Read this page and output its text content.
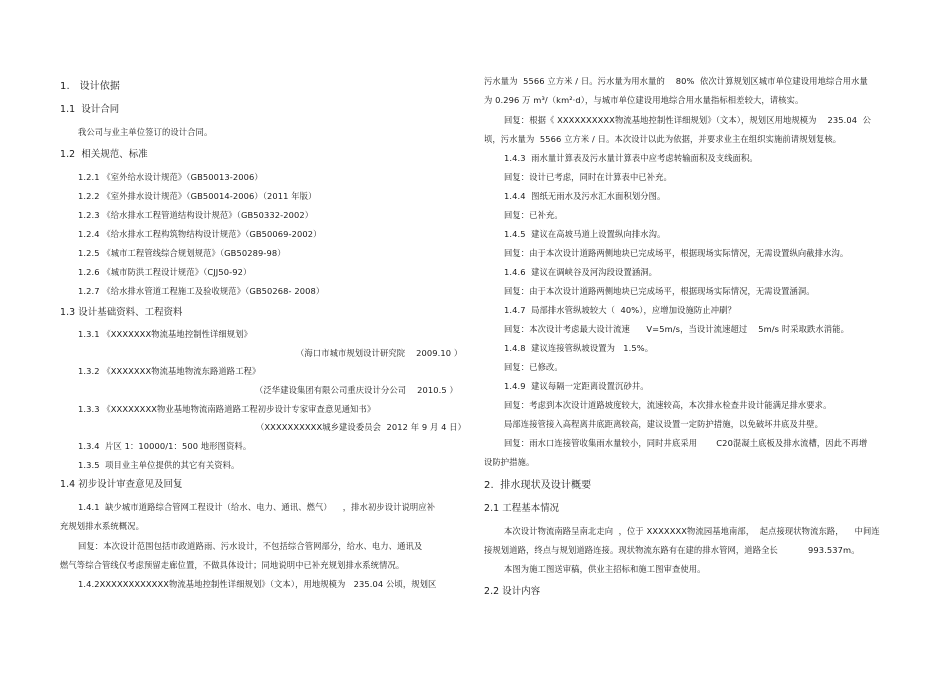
1.   设计依据
1.1  设计合同
我公司与业主单位签订的设计合同。
1.2  相关规范、标准
1.2.1 《室外给水设计规范》（GB50013-2006）
1.2.2 《室外排水设计规范》（GB50014-2006）（2011 年版）
1.2.3 《给水排水工程管道结构设计规范》（GB50332-2002）
1.2.4 《给水排水工程构筑物结构设计规范》（GB50069-2002）
1.2.5 《城市工程管线综合规划规范》（GB50289-98）
1.2.6 《城市防洪工程设计规范》（CJJ50-92）
1.2.7 《给水排水管道工程施工及验收规范》（GB50268- 2008）
1.3 设计基础资料、工程资料
1.3.1 《XXXXXXX物流基地控制性详细规划》
（海口市城市规划设计研究院    2009.10 ）
1.3.2 《XXXXXXX物流基地物流东路道路工程》
（泛华建设集团有限公司重庆设计分公司    2010.5 ）
1.3.3 《XXXXXXXX物业基地物流南路道路工程初步设计专家审查意见通知书》
（XXXXXXXXXX城乡建设委员会  2012 年 9 月 4 日）
1.3.4  片区 1：10000/1：500 地形图资料。
1.3.5  项目业主单位提供的其它有关资料。
1.4 初步设计审查意见及回复
1.4.1  缺少城市道路综合管网工程设计（给水、电力、通讯、燃气）    ，排水初步设计说明应补
充规划排水系统概况。
回复：本次设计范围包括市政道路雨、污水设计，不包括综合管网部分，给水、电力、通讯及
燃气等综合管线仅考虑预留走廊位置，不做具体设计；同地说明中已补充规划排水系统情况。
1.4.2XXXXXXXXXXXX物流基地控制性详细规划》（文本），用地规模为   235.04 公顷，规划区
污水量为  5566 立方米 / 日。污水量为用水量的    80%  依次计算规划区城市单位建设用地综合用水量
为 0.296 万 m³/（km²·d），与城市单位建设用地综合用水量指标相差较大，请核实。
回复：根据《 XXXXXXXXXX物流基地控制性详细规划》（文本），规划区用地规模为    235.04  公
顷，污水量为  5566 立方米 / 日。本次设计以此为依据，并要求业主在组织实施前请规划复核。
1.4.3  雨水量计算表及污水量计算表中应考虑转输面积及支线面积。
回复：设计已考虑，同时在计算表中已补充。
1.4.4  图纸无雨水及污水汇水面积划分图。
回复：已补充。
1.4.5  建议在高坡马道上设置纵向排水沟。
回复：由于本次设计道路两侧地块已完成场平，根据现场实际情况，无需设置纵向截排水沟。
1.4.6  建议在调峡谷及河沟段设置涵洞。
回复：由于本次设计道路两侧地块已完成场平，根据现场实际情况，无需设置涵洞。
1.4.7  局部排水管纵坡较大（  40%），应增加设施防止冲刷？
回复：本次设计考虑最大设计流速      V=5m/s，当设计流速超过    5m/s 时采取跌水消能。
1.4.8  建议连接管纵坡设置为   1.5%。
回复：已修改。
1.4.9  建议每隔一定距离设置沉砂井。
回复：考虑到本次设计道路坡度较大，流速较高，本次排水检查井设计能满足排水要求。
局部连接管接入高程离井底距离较高，建议设置一定防护措施，以免破坏井底及井壁。
回复：雨水口连接管收集雨水量较小，同时井底采用       C20混凝土底板及排水流槽，因此不再增
设防护措施。
2.  排水现状及设计概要
2.1 工程基本情况
本次设计物流南路呈南北走向  ，位于 XXXXXXX物流园基地南部，  起点接现状物流东路，    中间连
接规划道路，终点与规划道路连接。现状物流东路有在建的排水管网，道路全长           993.537m。
本图为施工图送审稿，供业主招标和施工图审查使用。
2.2 设计内容
